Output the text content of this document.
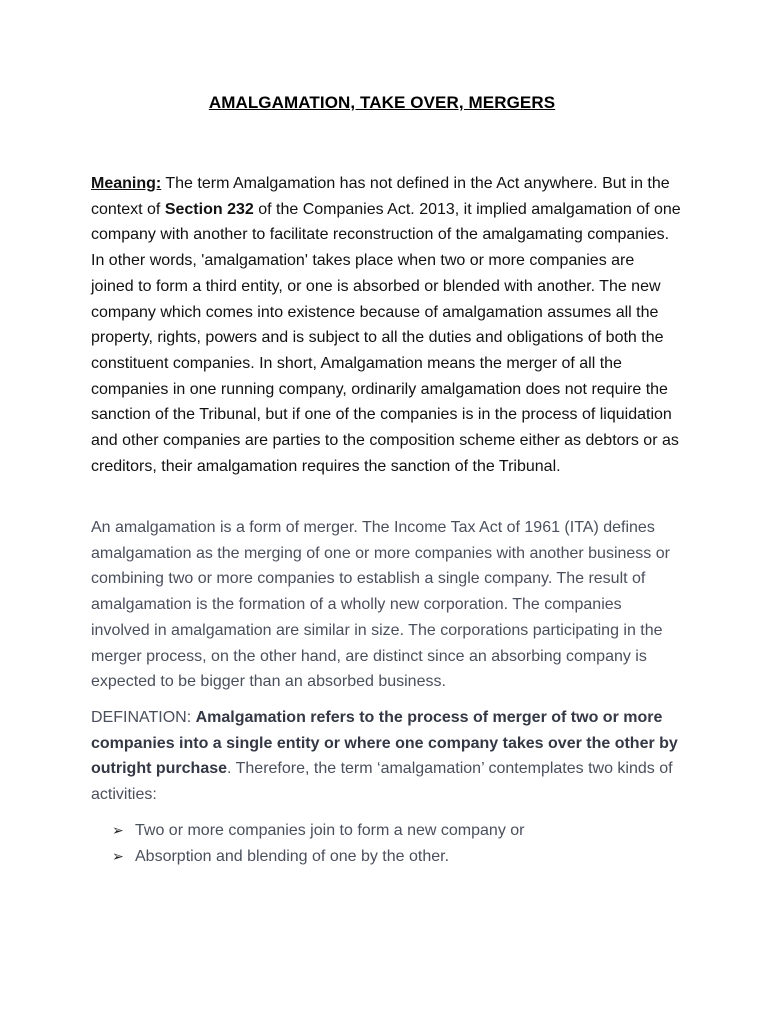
AMALGAMATION, TAKE OVER, MERGERS

Meaning: The term Amalgamation has not defined in the Act anywhere. But in the context of Section 232 of the Companies Act. 2013, it implied amalgamation of one company with another to facilitate reconstruction of the amalgamating companies. In other words, 'amalgamation' takes place when two or more companies are joined to form a third entity, or one is absorbed or blended with another. The new company which comes into existence because of amalgamation assumes all the property, rights, powers and is subject to all the duties and obligations of both the constituent companies. In short, Amalgamation means the merger of all the companies in one running company, ordinarily amalgamation does not require the sanction of the Tribunal, but if one of the companies is in the process of liquidation and other companies are parties to the composition scheme either as debtors or as creditors, their amalgamation requires the sanction of the Tribunal.

An amalgamation is a form of merger. The Income Tax Act of 1961 (ITA) defines amalgamation as the merging of one or more companies with another business or combining two or more companies to establish a single company. The result of amalgamation is the formation of a wholly new corporation. The companies involved in amalgamation are similar in size. The corporations participating in the merger process, on the other hand, are distinct since an absorbing company is expected to be bigger than an absorbed business.

DEFINATION: Amalgamation refers to the process of merger of two or more companies into a single entity or where one company takes over the other by outright purchase. Therefore, the term ‘amalgamation’ contemplates two kinds of activities:

➢ Two or more companies join to form a new company or
➢ Absorption and blending of one by the other.
